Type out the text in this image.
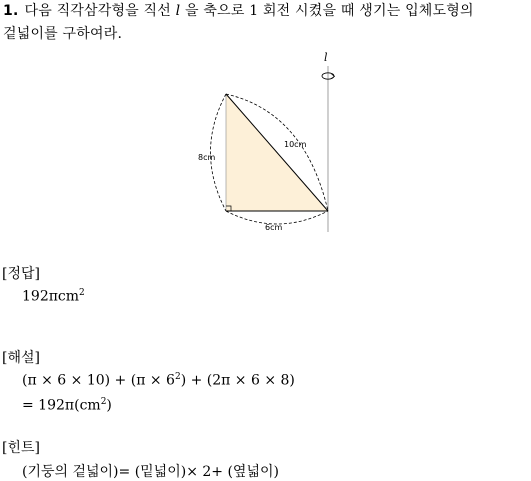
1. 다음 직각삼각형을 직선 l 을 축으로 1 회전 시켰을 때 생기는 입체도형의
겉넓이를 구하여라.
l
10cm
8cm
6cm
[정답]
192πcm$^2$
[해설]
$(\pi \times 6 \times 10) + (\pi \times 6^2) + (2\pi \times 6 \times 8)$
= $192\pi(cm^2)$
[힌트]
(기둥의 겉넓이)= (밑넓이)× 2+ (옆넓이)
